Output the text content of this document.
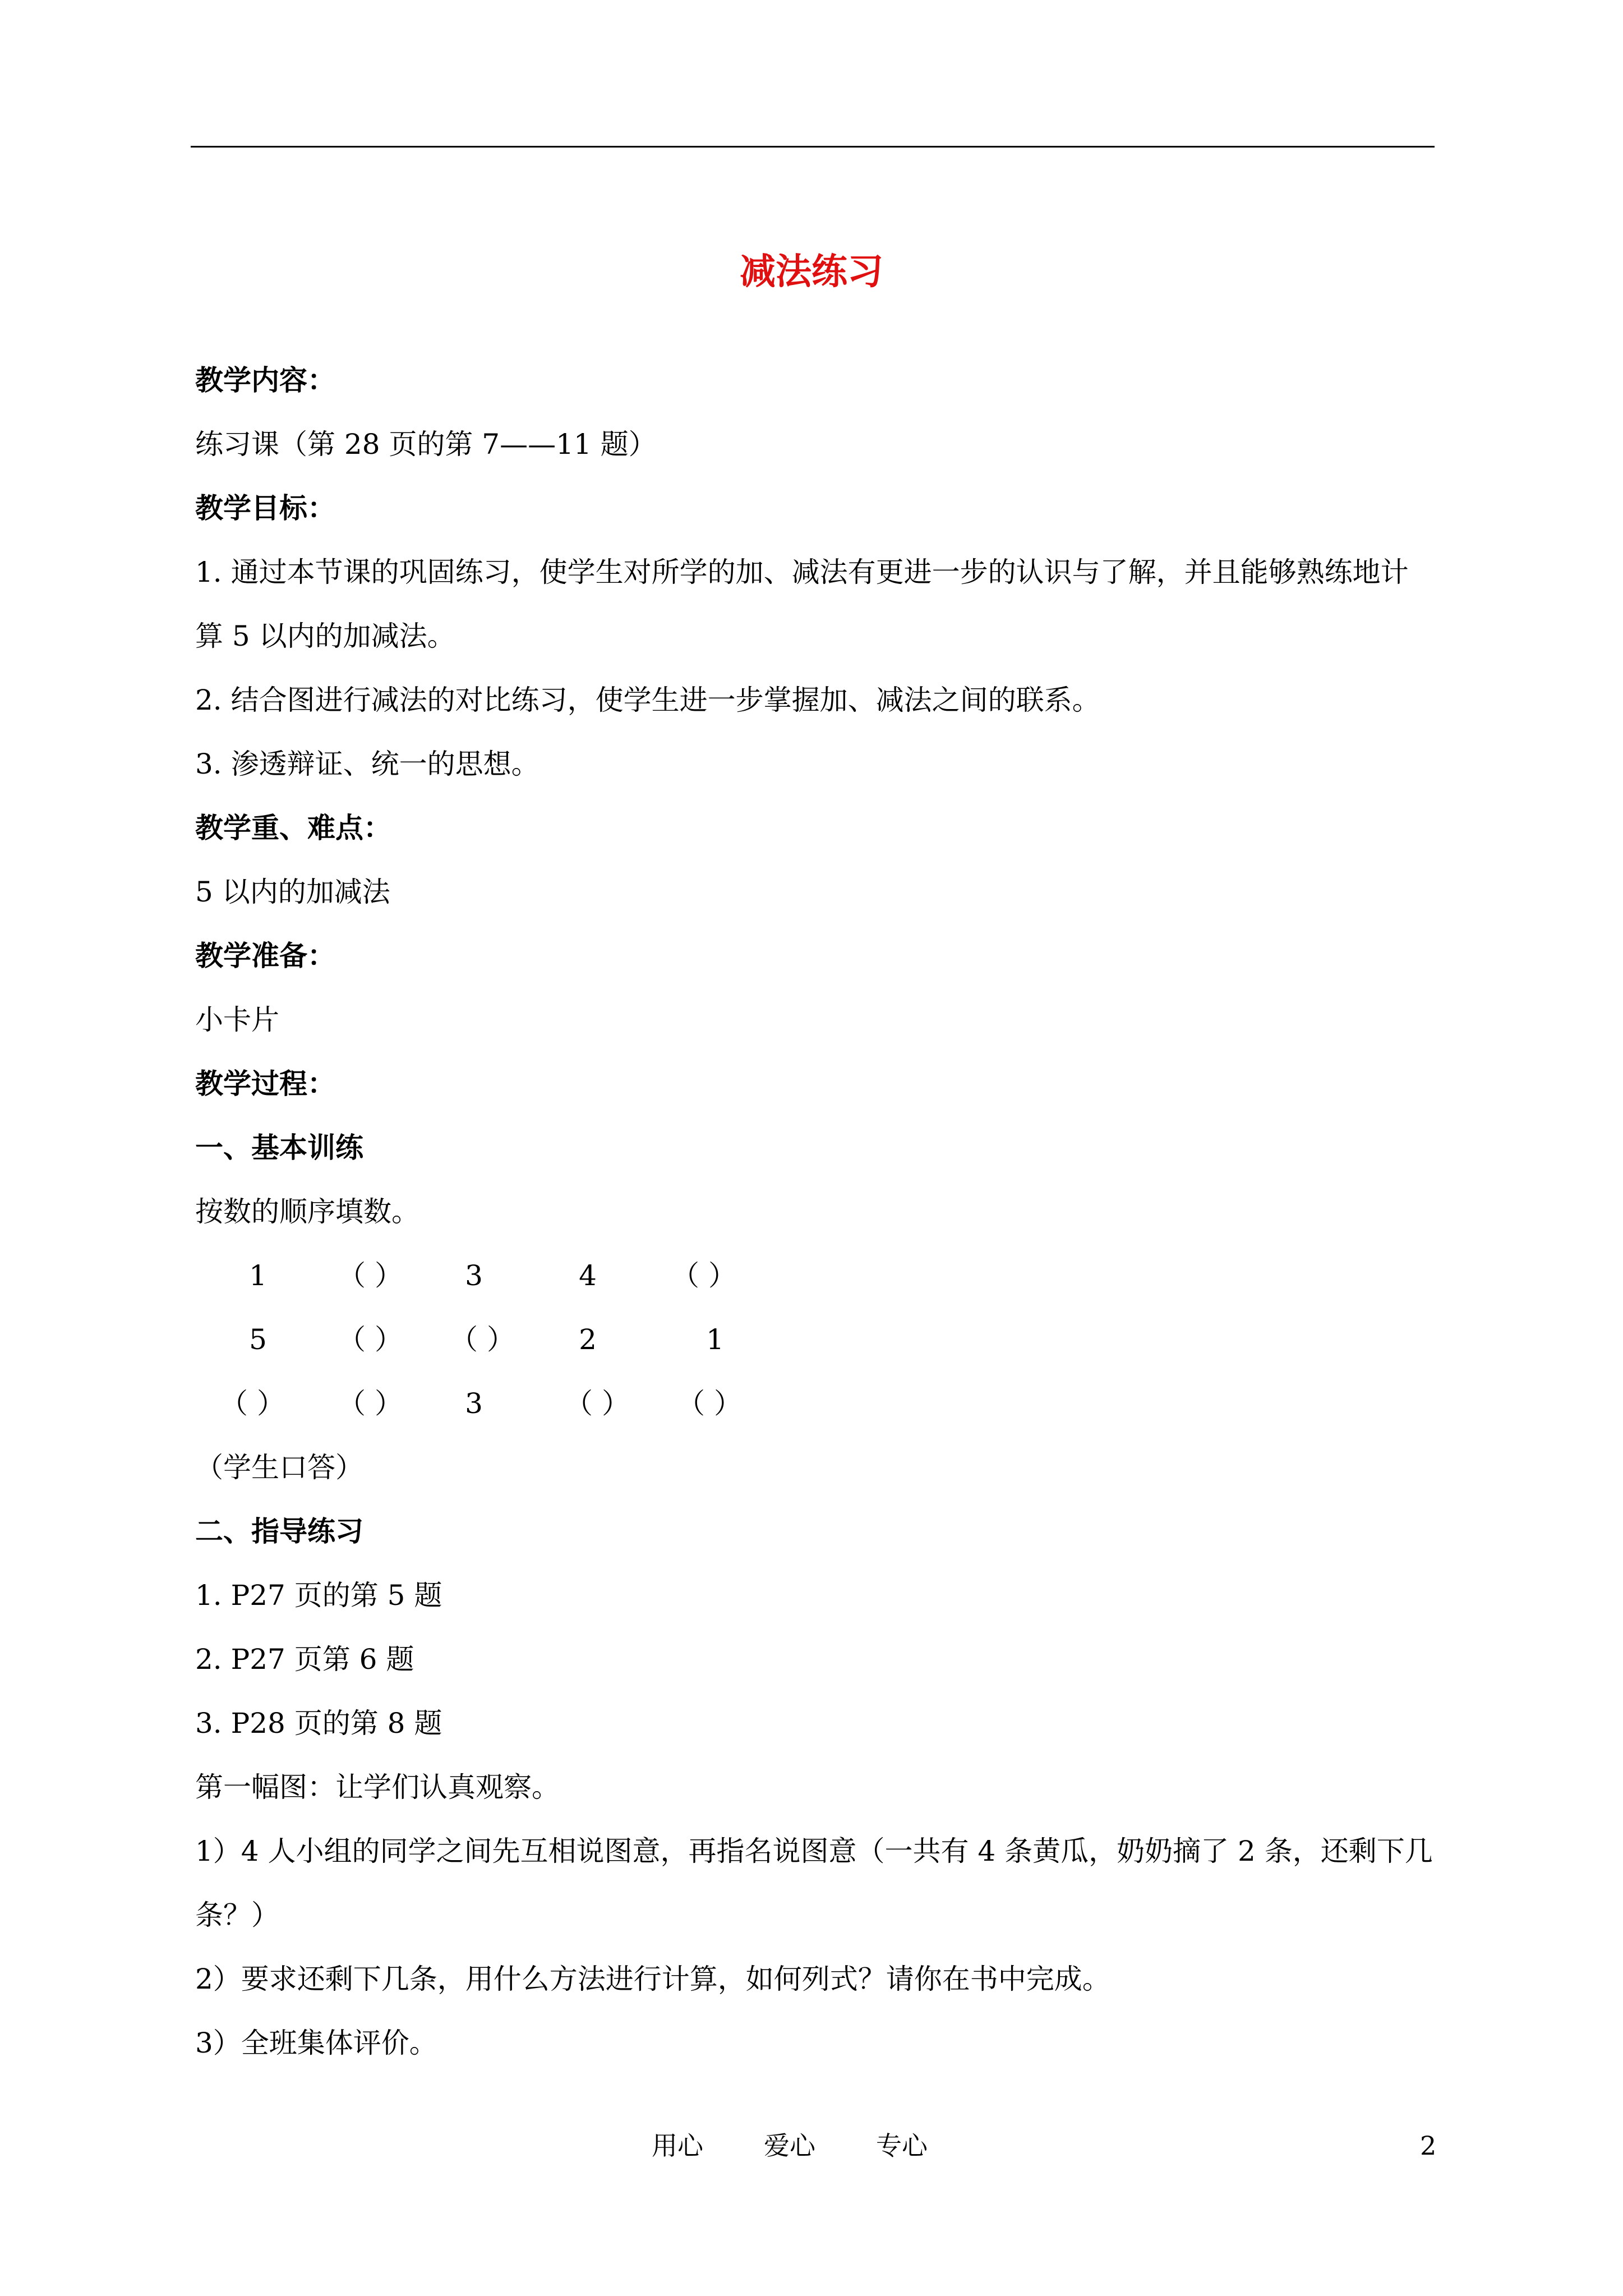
减法练习
教学内容：
练习课（第 28 页的第 7——11 题）
教学目标：
1. 通过本节课的巩固练习，使学生对所学的加、减法有更进一步的认识与了解，并且能够熟练地计
算 5 以内的加减法。
2. 结合图进行减法的对比练习，使学生进一步掌握加、减法之间的联系。
3. 渗透辩证、统一的思想。
教学重、难点：
5 以内的加减法
教学准备：
小卡片
教学过程：
一、基本训练
按数的顺序填数。
1	（ ）	3	4	（ ）
5	（ ）	（ ）	2	1
（ ）	（ ）	3	（ ）	（ ）
（学生口答）
二、指导练习
1. P27 页的第 5 题
2. P27 页第 6 题
3. P28 页的第 8 题
第一幅图：让学们认真观察。
1）4 人小组的同学之间先互相说图意，再指名说图意（一共有 4 条黄瓜，奶奶摘了 2 条，还剩下几
条？）
2）要求还剩下几条，用什么方法进行计算，如何列式？请你在书中完成。
3）全班集体评价。
用心 爱心 专心	2
